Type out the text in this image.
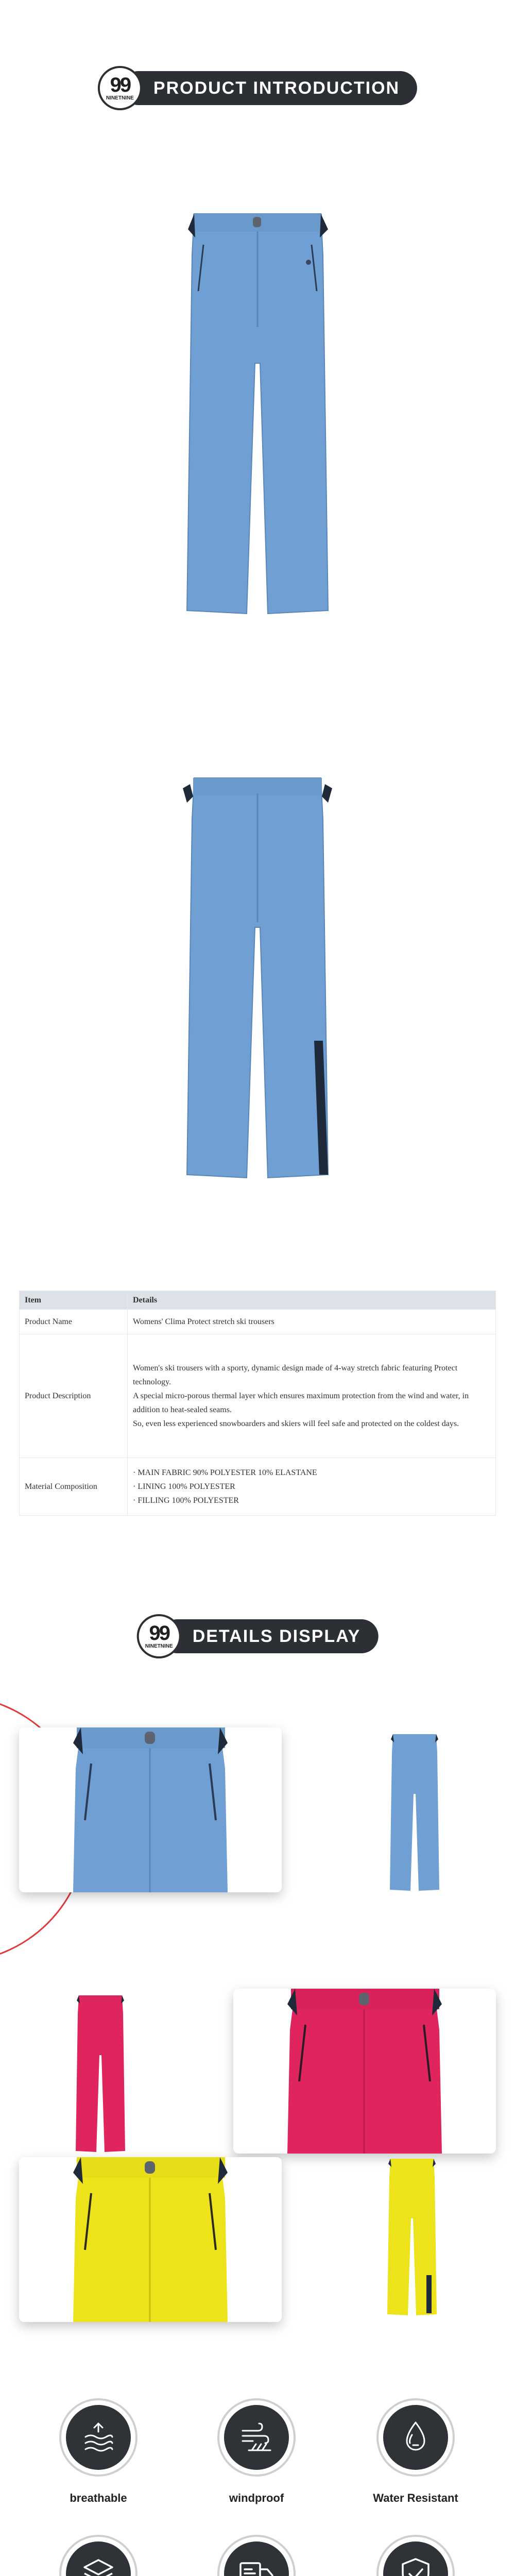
99
NINETNINE
PRODUCT INTRODUCTION
Item	Details
Product Name	Womens' Clima Protect stretch ski trousers

Product Description	Women's ski trousers with a sporty, dynamic design made of 4-way stretch fabric featuring Protect technology.
A special micro-porous thermal layer which ensures maximum protection from the wind and water, in addition to heat-sealed seams.
So, even less experienced snowboarders and skiers will feel safe and protected on the coldest days.

Material Composition	· MAIN FABRIC 90% POLYESTER 10% ELASTANE
· LINING 100% POLYESTER
· FILLING 100% POLYESTER
99
NINETNINE
DETAILS DISPLAY
breathable	windproof	Water Resistant
